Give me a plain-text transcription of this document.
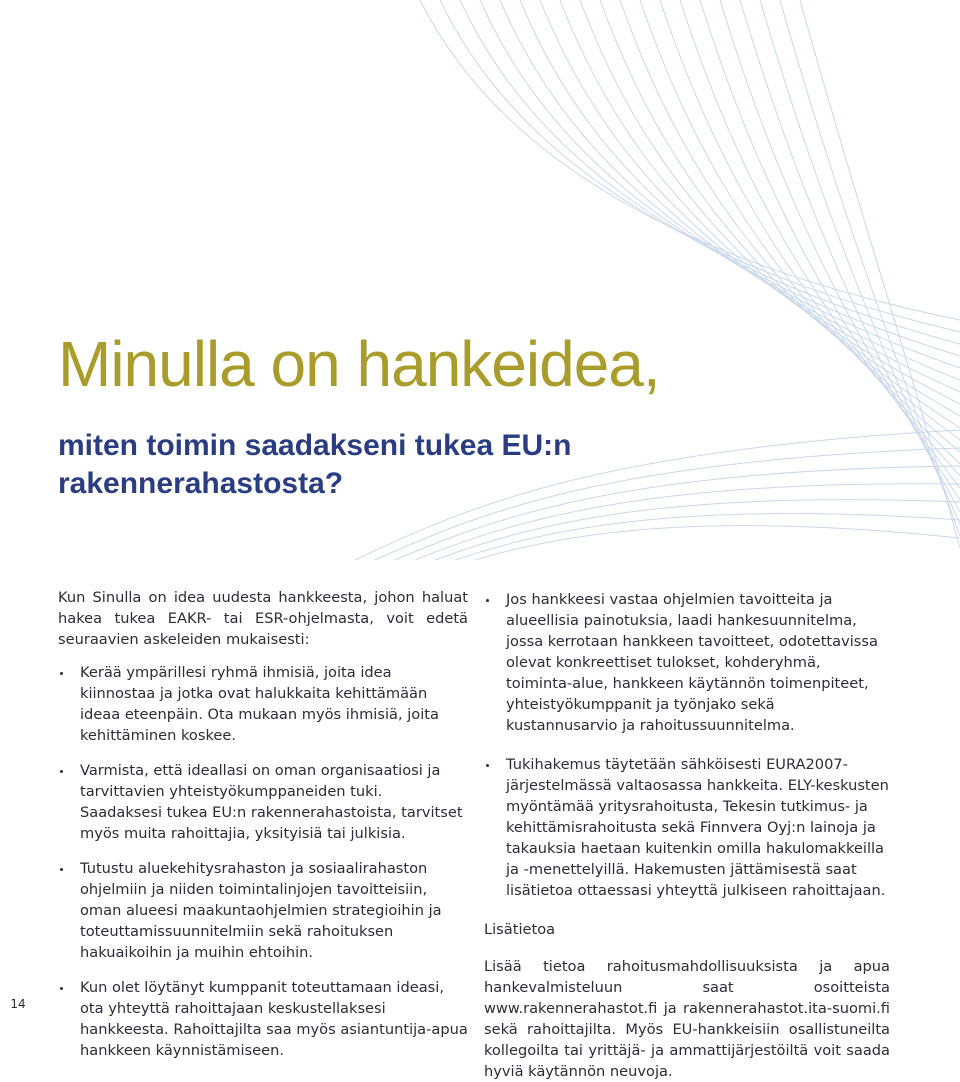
Minulla on hankeidea,
miten toimin saadakseni tukea EU:n rakennerahastosta?

Kun Sinulla on idea uudesta hankkeesta, johon haluat hakea tukea EAKR- tai ESR-ohjelmasta, voit edetä seuraavien askeleiden mukaisesti:

Kerää ympärillesi ryhmä ihmisiä, joita idea kiinnostaa ja jotka ovat halukkaita kehittämään ideaa eteenpäin. Ota mukaan myös ihmisiä, joita kehittäminen koskee.
Varmista, että ideallasi on oman organisaatiosi ja tarvittavien yhteistyökumppaneiden tuki. Saadaksesi tukea EU:n rakennerahastoista, tarvitset myös muita rahoittajia, yksityisiä tai julkisia.
Tutustu aluekehitysrahaston ja sosiaalirahaston ohjelmiin ja niiden toimintalinjojen tavoitteisiin, oman alueesi maakuntaohjelmien strategioihin ja toteuttamissuunnitelmiin sekä rahoituksen hakuaikoihin ja muihin ehtoihin.
Kun olet löytänyt kumppanit toteuttamaan ideasi, ota yhteyttä rahoittajaan keskustellaksesi hankkeesta. Rahoittajilta saa myös asiantuntija-apua hankkeen käynnistämiseen.
Jos hankkeesi vastaa ohjelmien tavoitteita ja alueellisia painotuksia, laadi hankesuunnitelma, jossa kerrotaan hankkeen tavoitteet, odotettavissa olevat konkreettiset tulokset, kohderyhmä, toiminta-alue, hankkeen käytännön toimenpiteet, yhteistyökumppanit ja työnjako sekä kustannusarvio ja rahoitussuunnitelma.
Tukihakemus täytetään sähköisesti EURA2007-järjestelmässä valtaosassa hankkeita. ELY-keskusten myöntämää yritysrahoitusta, Tekesin tutkimus- ja kehittämisrahoitusta sekä Finnvera Oyj:n lainoja ja takauksia haetaan kuitenkin omilla hakulomakkeilla ja -menettelyillä. Hakemusten jättämisestä saat lisätietoa ottaessasi yhteyttä julkiseen rahoittajaan.

Lisätietoa

Lisää tietoa rahoitusmahdollisuuksista ja apua hankevalmisteluun saat osoitteista www.rakennerahastot.fi ja rakennerahastot.ita-suomi.fi sekä rahoittajilta. Myös EU-hankkeisiin osallistuneilta kollegoilta tai yrittäjä- ja ammattijärjestöiltä voit saada hyviä käytännön neuvoja.

14
